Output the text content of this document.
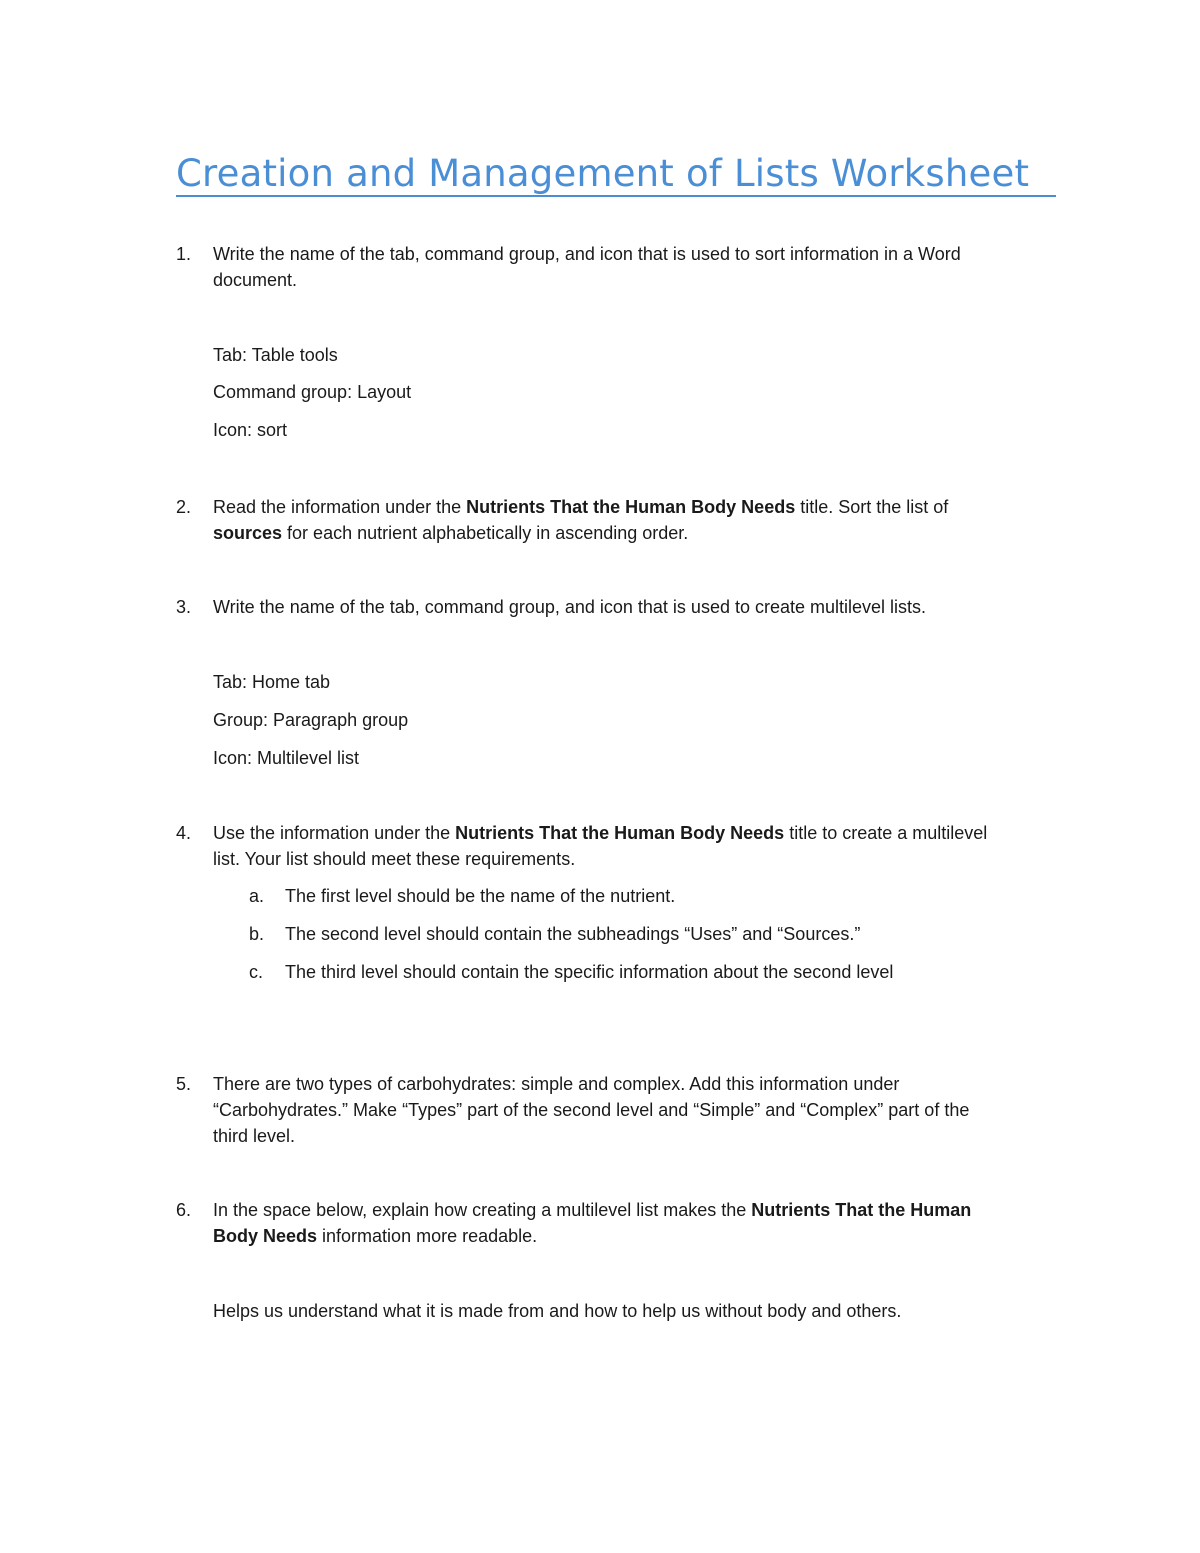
Creation and Management of Lists Worksheet
1. Write the name of the tab, command group, and icon that is used to sort information in a Word
document.
Tab: Table tools
Command group: Layout
Icon: sort
2. Read the information under the Nutrients That the Human Body Needs title. Sort the list of
sources for each nutrient alphabetically in ascending order.
3. Write the name of the tab, command group, and icon that is used to create multilevel lists.
Tab: Home tab
Group: Paragraph group
Icon: Multilevel list
4. Use the information under the Nutrients That the Human Body Needs title to create a multilevel
list. Your list should meet these requirements.
a. The first level should be the name of the nutrient.
b. The second level should contain the subheadings “Uses” and “Sources.”
c. The third level should contain the specific information about the second level
5. There are two types of carbohydrates: simple and complex. Add this information under
“Carbohydrates.” Make “Types” part of the second level and “Simple” and “Complex” part of the
third level.
6. In the space below, explain how creating a multilevel list makes the Nutrients That the Human
Body Needs information more readable.
Helps us understand what it is made from and how to help us without body and others.
